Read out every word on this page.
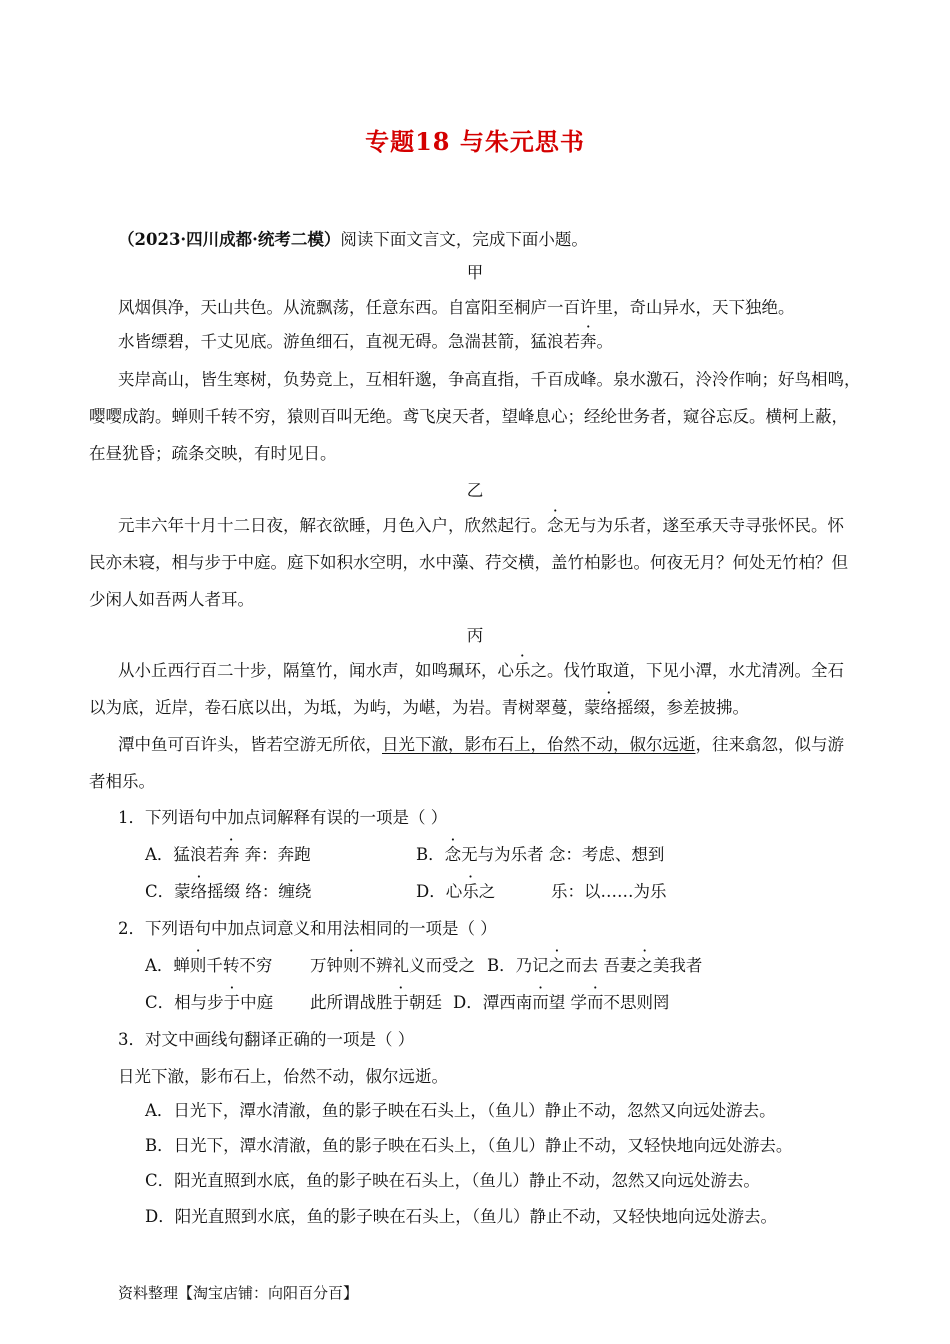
专题18 与朱元思书
（2023·四川成都·统考二模）阅读下面文言文，完成下面小题。
甲
风烟俱净，天山共色。从流飘荡，任意东西。自富阳至桐庐一百许里，奇山异水，天下独绝。
水皆缥碧，千丈见底。游鱼细石，直视无碍。急湍甚箭，猛浪若奔。
夹岸高山，皆生寒树，负势竞上，互相轩邈，争高直指，千百成峰。泉水激石，泠泠作响；好鸟相鸣，
嘤嘤成韵。蝉则千转不穷，猿则百叫无绝。鸢飞戾天者，望峰息心；经纶世务者，窥谷忘反。横柯上蔽，
在昼犹昏；疏条交映，有时见日。
乙
元丰六年十月十二日夜，解衣欲睡，月色入户，欣然起行。念无与为乐者，遂至承天寺寻张怀民。怀
民亦未寝，相与步于中庭。庭下如积水空明，水中藻、荇交横，盖竹柏影也。何夜无月？何处无竹柏？但
少闲人如吾两人者耳。
丙
从小丘西行百二十步，隔篁竹，闻水声，如鸣珮环，心乐之。伐竹取道，下见小潭，水尤清冽。全石
以为底，近岸，卷石底以出，为坻，为屿，为嵁，为岩。青树翠蔓，蒙络摇缀，参差披拂。
潭中鱼可百许头，皆若空游无所依，日光下澈，影布石上，佁然不动，俶尔远逝，往来翕忽，似与游
者相乐。
1．下列语句中加点词解释有误的一项是（ ）
A．猛浪若奔 奔：奔跑	B．念无与为乐者 念：考虑、想到
C．蒙络摇缀 络：缠绕	D．心乐之	乐：以……为乐
2．下列语句中加点词意义和用法相同的一项是（ ）
A．蝉则千转不穷 万钟则不辨礼义而受之 B．乃记之而去 吾妻之美我者
C．相与步于中庭 此所谓战胜于朝廷 D．潭西南而望 学而不思则罔
3．对文中画线句翻译正确的一项是（ ）
日光下澈，影布石上，佁然不动，俶尔远逝。
A．日光下，潭水清澈，鱼的影子映在石头上，（鱼儿）静止不动，忽然又向远处游去。
B．日光下，潭水清澈，鱼的影子映在石头上，（鱼儿）静止不动，又轻快地向远处游去。
C．阳光直照到水底，鱼的影子映在石头上，（鱼儿）静止不动，忽然又向远处游去。
D．阳光直照到水底，鱼的影子映在石头上，（鱼儿）静止不动，又轻快地向远处游去。
资料整理【淘宝店铺：向阳百分百】
